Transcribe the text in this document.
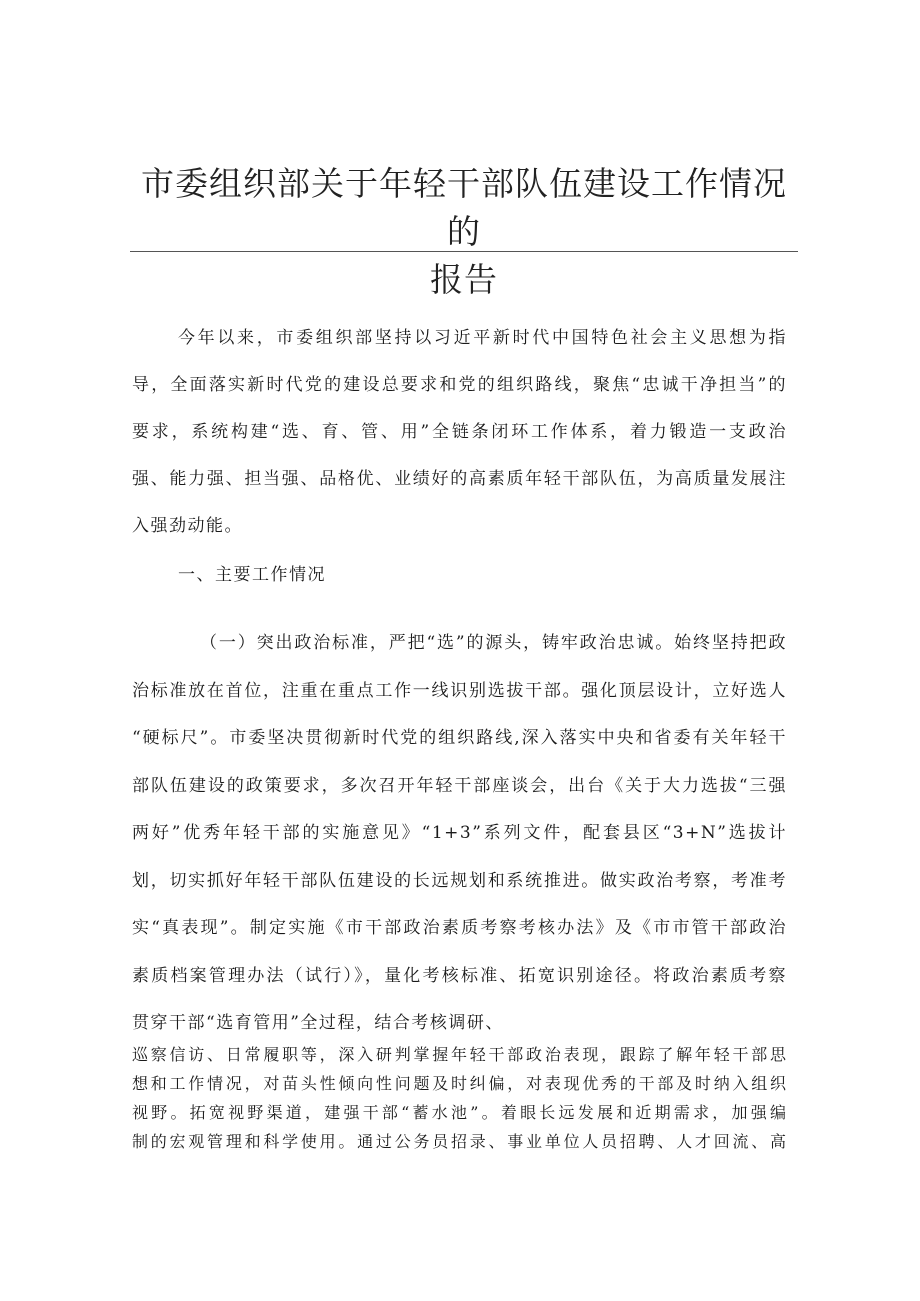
市委组织部关于年轻干部队伍建设工作情况的
报告
今年以来，市委组织部坚持以习近平新时代中国特色社会主义思想为指
导，全面落实新时代党的建设总要求和党的组织路线，聚焦“忠诚干净担当”的
要求，系统构建“选、育、管、用”全链条闭环工作体系，着力锻造一支政治
强、能力强、担当强、品格优、业绩好的高素质年轻干部队伍，为高质量发展注
入强劲动能。
一、主要工作情况
（一）突出政治标准，严把“选”的源头，铸牢政治忠诚。始终坚持把政
治标准放在首位，注重在重点工作一线识别选拔干部。强化顶层设计，立好选人
“硬标尺”。市委坚决贯彻新时代党的组织路线,深入落实中央和省委有关年轻干
部队伍建设的政策要求，多次召开年轻干部座谈会，出台《关于大力选拔“三强
两好”优秀年轻干部的实施意见》“1+3”系列文件，配套县区“3+N”选拔计
划，切实抓好年轻干部队伍建设的长远规划和系统推进。做实政治考察，考准考
实“真表现”。制定实施《市干部政治素质考察考核办法》及《市市管干部政治
素质档案管理办法（试行）》，量化考核标准、拓宽识别途径。将政治素质考察
贯穿干部“选育管用”全过程，结合考核调研、
巡察信访、日常履职等，深入研判掌握年轻干部政治表现，跟踪了解年轻干部思
想和工作情况，对苗头性倾向性问题及时纠偏，对表现优秀的干部及时纳入组织
视野。拓宽视野渠道，建强干部“蓄水池”。着眼长远发展和近期需求，加强编
制的宏观管理和科学使用。通过公务员招录、事业单位人员招聘、人才回流、高
